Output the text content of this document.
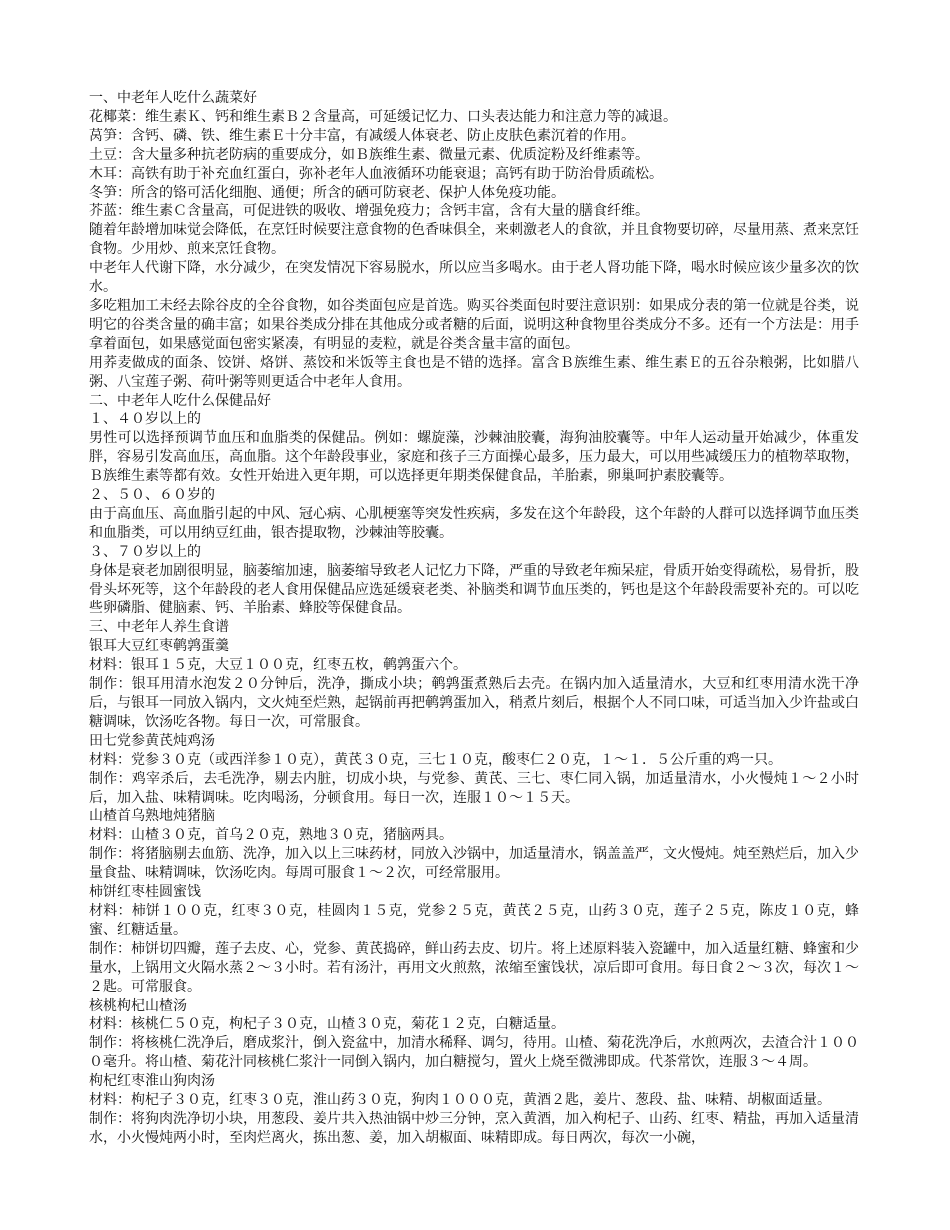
一、中老年人吃什么蔬菜好

花椰菜：维生素Ｋ、钙和维生素Ｂ２含量高，可延缓记忆力、口头表达能力和注意力等的减退。

莴笋：含钙、磷、铁、维生素Ｅ十分丰富，有减缓人体衰老、防止皮肤色素沉着的作用。

土豆：含大量多种抗老防病的重要成分，如Ｂ族维生素、微量元素、优质淀粉及纤维素等。

木耳：高铁有助于补充血红蛋白，弥补老年人血液循环功能衰退；高钙有助于防治骨质疏松。

冬笋：所含的铬可活化细胞、通便；所含的硒可防衰老、保护人体免疫功能。

芥蓝：维生素Ｃ含量高，可促进铁的吸收、增强免疫力；含钙丰富，含有大量的膳食纤维。

随着年龄增加味觉会降低，在烹饪时候要注意食物的色香味俱全，来刺激老人的食欲，并且食物要切碎，尽量用蒸、煮来烹饪食物。少用炒、煎来烹饪食物。

中老年人代谢下降，水分减少，在突发情况下容易脱水，所以应当多喝水。由于老人肾功能下降，喝水时候应该少量多次的饮水。

多吃粗加工未经去除谷皮的全谷食物，如谷类面包应是首选。购买谷类面包时要注意识别：如果成分表的第一位就是谷类，说明它的谷类含量的确丰富；如果谷类成分排在其他成分或者糖的后面，说明这种食物里谷类成分不多。还有一个方法是：用手拿着面包，如果感觉面包密实紧凑，有明显的麦粒，就是谷类含量丰富的面包。

用荞麦做成的面条、饺饼、烙饼、蒸饺和米饭等主食也是不错的选择。富含Ｂ族维生素、维生素Ｅ的五谷杂粮粥，比如腊八粥、八宝莲子粥、荷叶粥等则更适合中老年人食用。

二、中老年人吃什么保健品好

１、４０岁以上的

男性可以选择预调节血压和血脂类的保健品。例如：螺旋藻，沙棘油胶囊，海狗油胶囊等。中年人运动量开始减少，体重发胖，容易引发高血压，高血脂。这个年龄段事业，家庭和孩子三方面操心最多，压力最大，可以用些减缓压力的植物萃取物，Ｂ族维生素等都有效。女性开始进入更年期，可以选择更年期类保健食品，羊胎素，卵巢呵护素胶囊等。

２、５０、６０岁的

由于高血压、高血脂引起的中风、冠心病、心肌梗塞等突发性疾病，多发在这个年龄段，这个年龄的人群可以选择调节血压类和血脂类，可以用纳豆红曲，银杏提取物，沙棘油等胶囊。

３、７０岁以上的

身体是衰老加剧很明显，脑萎缩加速，脑萎缩导致老人记忆力下降，严重的导致老年痴呆症，骨质开始变得疏松，易骨折，股骨头坏死等，这个年龄段的老人食用保健品应选延缓衰老类、补脑类和调节血压类的，钙也是这个年龄段需要补充的。可以吃些卵磷脂、健脑素、钙、羊胎素、蜂胶等保健食品。

三、中老年人养生食谱

银耳大豆红枣鹌鹑蛋羹

材料：银耳１５克，大豆１００克，红枣五枚，鹌鹑蛋六个。

制作：银耳用清水泡发２０分钟后，洗净，撕成小块；鹌鹑蛋煮熟后去壳。在锅内加入适量清水，大豆和红枣用清水洗干净后，与银耳一同放入锅内，文火炖至烂熟，起锅前再把鹌鹑蛋加入，稍煮片刻后，根据个人不同口味，可适当加入少许盐或白糖调味，饮汤吃各物。每日一次，可常服食。

田七党参黄芪炖鸡汤

材料：党参３０克（或西洋参１０克），黄芪３０克，三七１０克，酸枣仁２０克，１～１．５公斤重的鸡一只。

制作：鸡宰杀后，去毛洗净，剔去内脏，切成小块，与党参、黄芪、三七、枣仁同入锅，加适量清水，小火慢炖１～２小时后，加入盐、味精调味。吃肉喝汤，分顿食用。每日一次，连服１０～１５天。

山楂首乌熟地炖猪脑

材料：山楂３０克，首乌２０克，熟地３０克，猪脑两具。

制作：将猪脑剔去血筋、洗净，加入以上三味药材，同放入沙锅中，加适量清水，锅盖盖严，文火慢炖。炖至熟烂后，加入少量食盐、味精调味，饮汤吃肉。每周可服食１～２次，可经常服用。

柿饼红枣桂圆蜜饯

材料：柿饼１００克，红枣３０克，桂圆肉１５克，党参２５克，黄芪２５克，山药３０克，莲子２５克，陈皮１０克，蜂蜜、红糖适量。

制作：柿饼切四瓣，莲子去皮、心，党参、黄芪捣碎，鲜山药去皮、切片。将上述原料装入瓷罐中，加入适量红糖、蜂蜜和少量水，上锅用文火隔水蒸２～３小时。若有汤汁，再用文火煎熬，浓缩至蜜饯状，凉后即可食用。每日食２～３次，每次１～２匙。可常服食。

核桃枸杞山楂汤

材料：核桃仁５０克，枸杞子３０克，山楂３０克，菊花１２克，白糖适量。

制作：将核桃仁洗净后，磨成浆汁，倒入瓷盆中，加清水稀释、调匀，待用。山楂、菊花洗净后，水煎两次，去渣合汁１０００毫升。将山楂、菊花汁同核桃仁浆汁一同倒入锅内，加白糖搅匀，置火上烧至微沸即成。代茶常饮，连服３～４周。

枸杞红枣淮山狗肉汤

材料：枸杞子３０克，红枣３０克，淮山药３０克，狗肉１０００克，黄酒２匙，姜片、葱段、盐、味精、胡椒面适量。

制作：将狗肉洗净切小块，用葱段、姜片共入热油锅中炒三分钟，烹入黄酒，加入枸杞子、山药、红枣、精盐，再加入适量清水，小火慢炖两小时，至肉烂离火，拣出葱、姜，加入胡椒面、味精即成。每日两次，每次一小碗，
